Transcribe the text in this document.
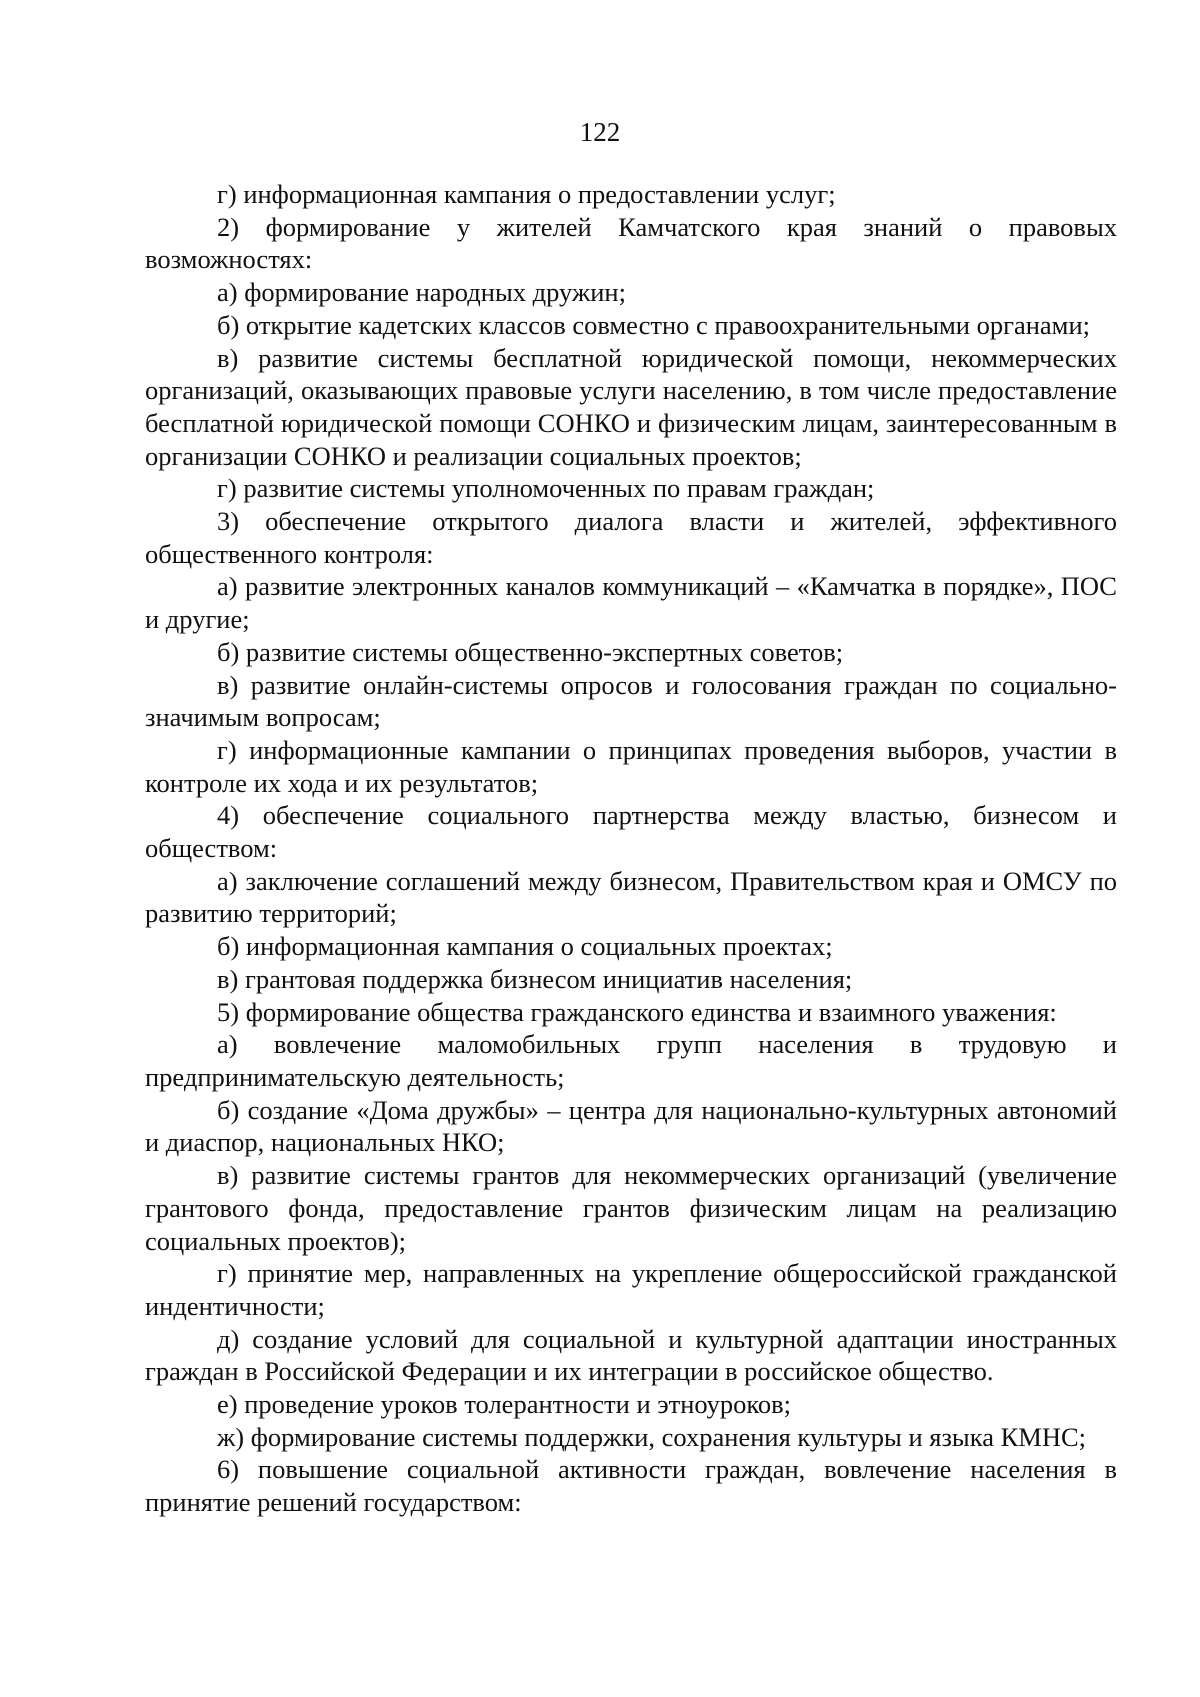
122

г) информационная кампания о предоставлении услуг;

2) формирование у жителей Камчатского края знаний о правовых возможностях:

а) формирование народных дружин;

б) открытие кадетских классов совместно с правоохранительными органами;

в) развитие системы бесплатной юридической помощи, некоммерческих организаций, оказывающих правовые услуги населению, в том числе предоставление бесплатной юридической помощи СОНКО и физическим лицам, заинтересованным в организации СОНКО и реализации социальных проектов;

г) развитие системы уполномоченных по правам граждан;

3) обеспечение открытого диалога власти и жителей, эффективного общественного контроля:

а) развитие электронных каналов коммуникаций – «Камчатка в порядке», ПОС и другие;

б) развитие системы общественно-экспертных советов;

в) развитие онлайн-системы опросов и голосования граждан по социально-значимым вопросам;

г) информационные кампании о принципах проведения выборов, участии в контроле их хода и их результатов;

4) обеспечение социального партнерства между властью, бизнесом и обществом:

а) заключение соглашений между бизнесом, Правительством края и ОМСУ по развитию территорий;

б) информационная кампания о социальных проектах;

в) грантовая поддержка бизнесом инициатив населения;

5) формирование общества гражданского единства и взаимного уважения:

а) вовлечение маломобильных групп населения в трудовую и предпринимательскую деятельность;

б) создание «Дома дружбы» – центра для национально-культурных автономий и диаспор, национальных НКО;

в) развитие системы грантов для некоммерческих организаций (увеличение грантового фонда, предоставление грантов физическим лицам на реализацию социальных проектов);

г) принятие мер, направленных на укрепление общероссийской гражданской индентичности;

д) создание условий для социальной и культурной адаптации иностранных граждан в Российской Федерации и их интеграции в российское общество.

е) проведение уроков толерантности и этноуроков;

ж) формирование системы поддержки, сохранения культуры и языка КМНС;

6) повышение социальной активности граждан, вовлечение населения в принятие решений государством:
